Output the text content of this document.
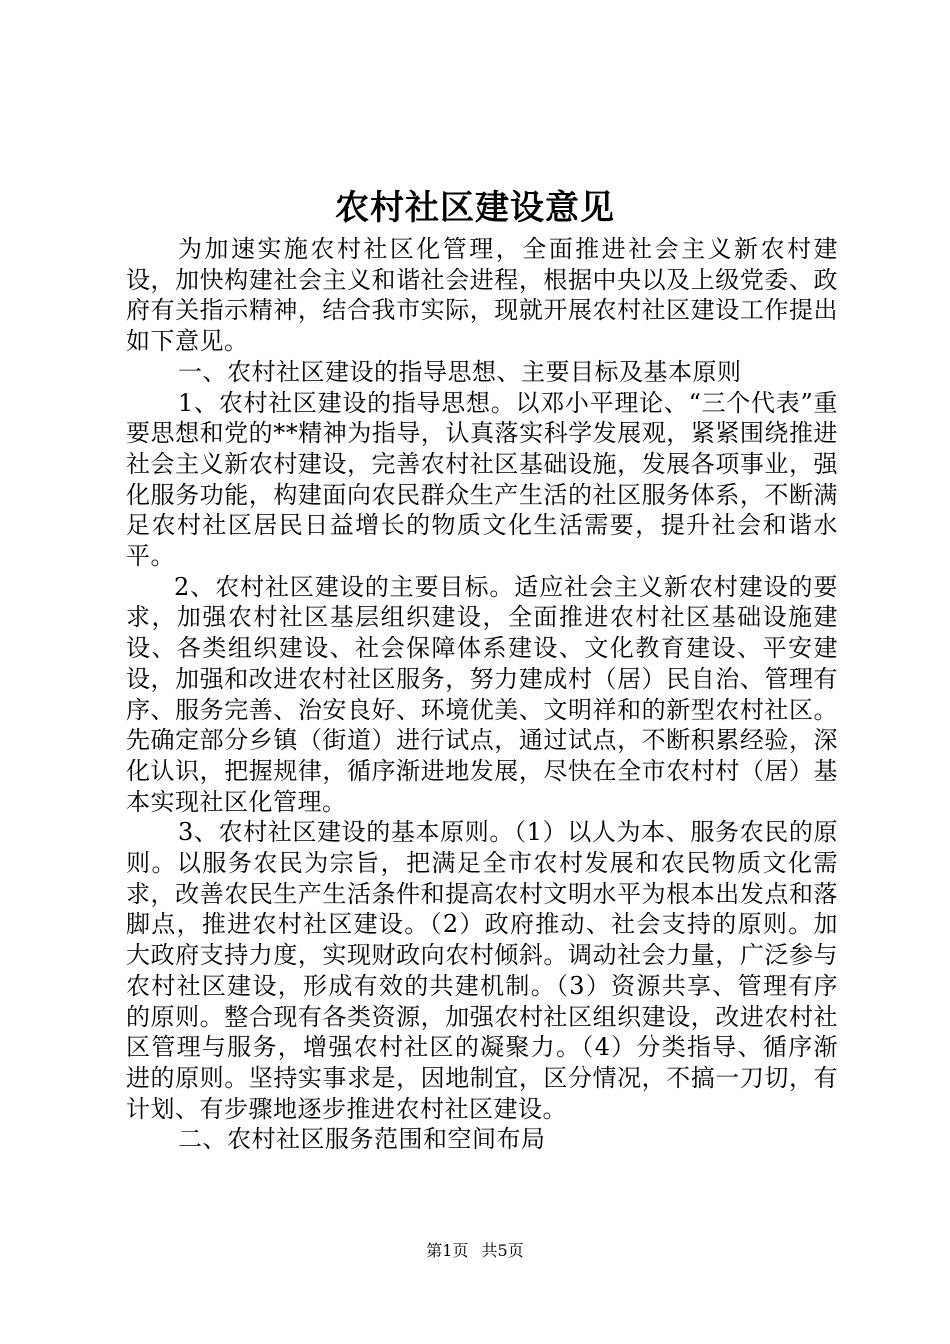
农村社区建设意见

为加速实施农村社区化管理，全面推进社会主义新农村建设，加快构建社会主义和谐社会进程，根据中央以及上级党委、政府有关指示精神，结合我市实际，现就开展农村社区建设工作提出如下意见。

一、农村社区建设的指导思想、主要目标及基本原则

1、农村社区建设的指导思想。以邓小平理论、“三个代表”重要思想和党的**精神为指导，认真落实科学发展观，紧紧围绕推进社会主义新农村建设，完善农村社区基础设施，发展各项事业，强化服务功能，构建面向农民群众生产生活的社区服务体系，不断满足农村社区居民日益增长的物质文化生活需要，提升社会和谐水平。

2、农村社区建设的主要目标。适应社会主义新农村建设的要求，加强农村社区基层组织建设，全面推进农村社区基础设施建设、各类组织建设、社会保障体系建设、文化教育建设、平安建设，加强和改进农村社区服务，努力建成村（居）民自治、管理有序、服务完善、治安良好、环境优美、文明祥和的新型农村社区。先确定部分乡镇（街道）进行试点，通过试点，不断积累经验，深化认识，把握规律，循序渐进地发展，尽快在全市农村村（居）基本实现社区化管理。

3、农村社区建设的基本原则。（1）以人为本、服务农民的原则。以服务农民为宗旨，把满足全市农村发展和农民物质文化需求，改善农民生产生活条件和提高农村文明水平为根本出发点和落脚点，推进农村社区建设。（2）政府推动、社会支持的原则。加大政府支持力度，实现财政向农村倾斜。调动社会力量，广泛参与农村社区建设，形成有效的共建机制。（3）资源共享、管理有序的原则。整合现有各类资源，加强农村社区组织建设，改进农村社区管理与服务，增强农村社区的凝聚力。（4）分类指导、循序渐进的原则。坚持实事求是，因地制宜，区分情况，不搞一刀切，有计划、有步骤地逐步推进农村社区建设。

二、农村社区服务范围和空间布局

第1页 共5页
